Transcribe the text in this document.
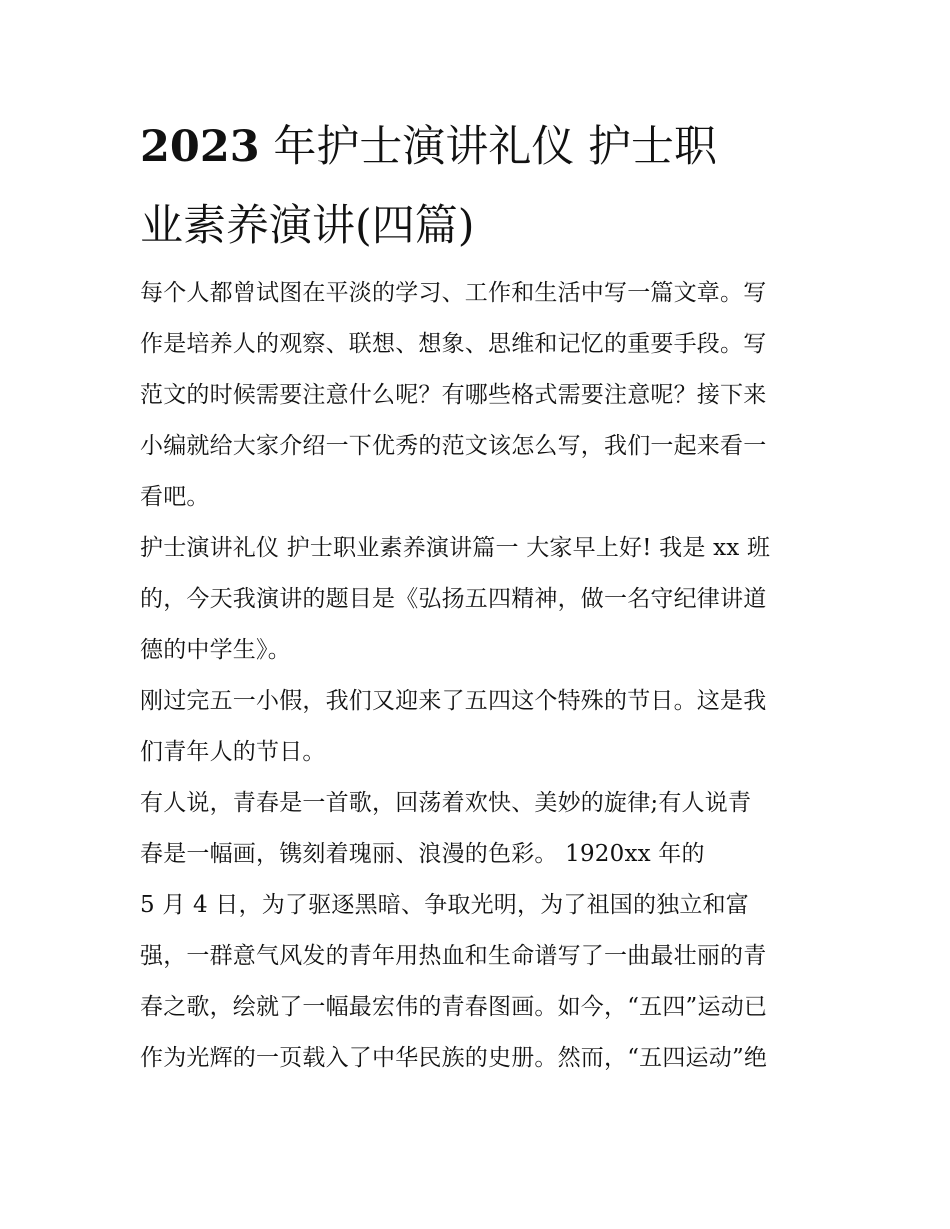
2023 年护士演讲礼仪 护士职
业素养演讲(四篇)

每个人都曾试图在平淡的学习、工作和生活中写一篇文章。写

作是培养人的观察、联想、想象、思维和记忆的重要手段。写

范文的时候需要注意什么呢？有哪些格式需要注意呢？接下来

小编就给大家介绍一下优秀的范文该怎么写，我们一起来看一

看吧。

护士演讲礼仪 护士职业素养演讲篇一 大家早上好! 我是 xx 班

的，今天我演讲的题目是《弘扬五四精神，做一名守纪律讲道

德的中学生》。

刚过完五一小假，我们又迎来了五四这个特殊的节日。这是我

们青年人的节日。

有人说，青春是一首歌，回荡着欢快、美妙的旋律;有人说青

春是一幅画，镌刻着瑰丽、浪漫的色彩。 1920xx 年的

5 月 4 日，为了驱逐黑暗、争取光明，为了祖国的独立和富

强，一群意气风发的青年用热血和生命谱写了一曲最壮丽的青

春之歌，绘就了一幅最宏伟的青春图画。如今，“五四”运动已

作为光辉的一页载入了中华民族的史册。然而，“五四运动”绝
